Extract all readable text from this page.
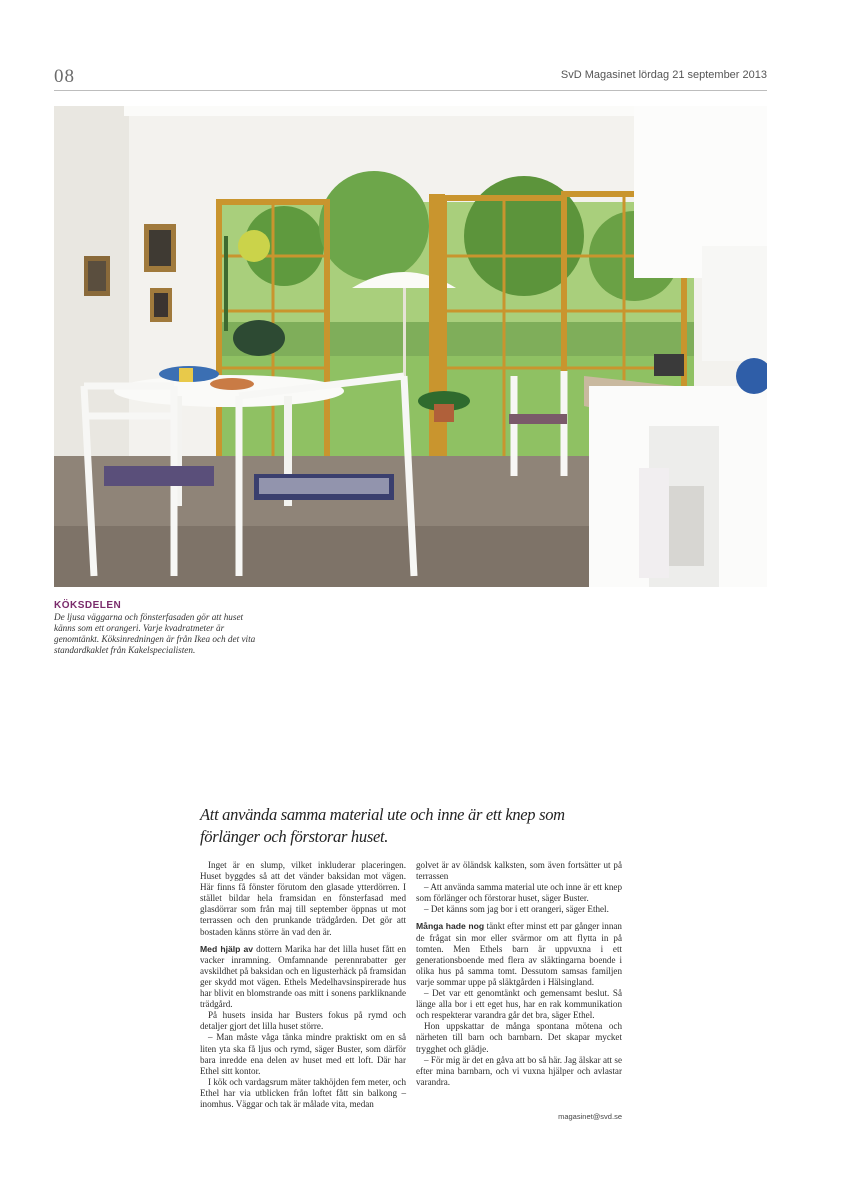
08	SvD Magasinet lördag 21 september 2013
KÖKSDELEN
De ljusa väggarna och fönsterfasaden gör att huset känns som ett orangeri. Varje kvadratmeter är genomtänkt. Köksinredningen är från Ikea och det vita standardkaklet från Kakelspecialisten.
Att använda samma material ute och inne är ett knep som förlänger och förstorar huset.

Inget är en slump, vilket inkluderar placeringen. Huset byggdes så att det vänder baksidan mot vägen. Här finns få fönster förutom den glasade ytterdörren. I stället bildar hela framsidan en fönsterfasad med glasdörrar som från maj till september öppnas ut mot terrassen och den prunkande trädgården. Det gör att bostaden känns större än vad den är.

Med hjälp av dottern Marika har det lilla huset fått en vacker inramning. Omfamnande perennrabatter ger avskildhet på baksidan och en ligusterhäck på framsidan ger skydd mot vägen. Ethels Medelhavsinspirerade hus har blivit en blomstrande oas mitt i sonens parkliknande trädgård.

På husets insida har Busters fokus på rymd och detaljer gjort det lilla huset större.

– Man måste våga tänka mindre praktiskt om en så liten yta ska få ljus och rymd, säger Buster, som därför bara inredde ena delen av huset med ett loft. Där har Ethel sitt kontor.

I kök och vardagsrum mäter takhöjden fem meter, och Ethel har via utblicken från loftet fått sin balkong – inomhus. Väggar och tak är målade vita, medan

golvet är av öländsk kalksten, som även fortsätter ut på terrassen

– Att använda samma material ute och inne är ett knep som förlänger och förstorar huset, säger Buster.

– Det känns som jag bor i ett orangeri, säger Ethel.

Många hade nog tänkt efter minst ett par gånger innan de frågat sin mor eller svärmor om att flytta in på tomten. Men Ethels barn är uppvuxna i ett generationsboende med flera av släktingarna boende i olika hus på samma tomt. Dessutom samsas familjen varje sommar uppe på släktgården i Hälsingland.

– Det var ett genomtänkt och gemensamt beslut. Så länge alla bor i ett eget hus, har en rak kommunikation och respekterar varandra går det bra, säger Ethel.

Hon uppskattar de många spontana mötena och närheten till barn och barnbarn. Det skapar mycket trygghet och glädje.

– För mig är det en gåva att bo så här. Jag älskar att se efter mina barnbarn, och vi vuxna hjälper och avlastar varandra.

magasinet@svd.se
